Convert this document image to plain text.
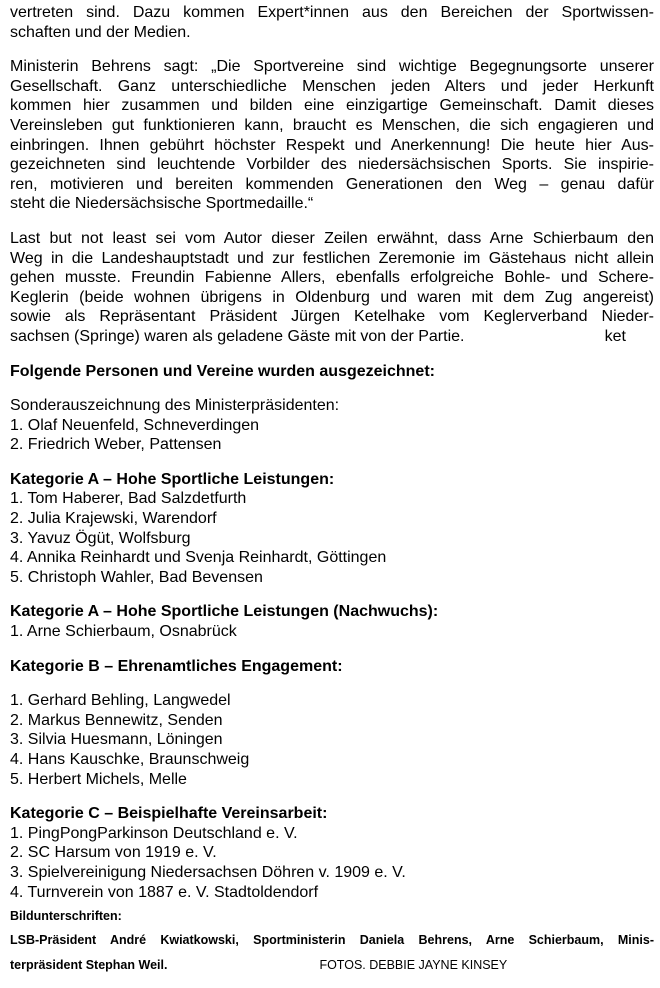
vertreten sind. Dazu kommen Expert*innen aus den Bereichen der Sportwissen-
schaften und der Medien.
Ministerin Behrens sagt: „Die Sportvereine sind wichtige Begegnungsorte unserer
Gesellschaft. Ganz unterschiedliche Menschen jeden Alters und jeder Herkunft
kommen hier zusammen und bilden eine einzigartige Gemeinschaft. Damit dieses
Vereinsleben gut funktionieren kann, braucht es Menschen, die sich engagieren und
einbringen. Ihnen gebührt höchster Respekt und Anerkennung! Die heute hier Aus-
gezeichneten sind leuchtende Vorbilder des niedersächsischen Sports. Sie inspirie-
ren, motivieren und bereiten kommenden Generationen den Weg – genau dafür
steht die Niedersächsische Sportmedaille.“
Last but not least sei vom Autor dieser Zeilen erwähnt, dass Arne Schierbaum den
Weg in die Landeshauptstadt und zur festlichen Zeremonie im Gästehaus nicht allein
gehen musste. Freundin Fabienne Allers, ebenfalls erfolgreiche Bohle- und Schere-
Keglerin (beide wohnen übrigens in Oldenburg und waren mit dem Zug angereist)
sowie als Repräsentant Präsident Jürgen Ketelhake vom Keglerverband Nieder-
sachsen (Springe) waren als geladene Gäste mit von der Partie.	ket

Folgende Personen und Vereine wurden ausgezeichnet:

Sonderauszeichnung des Ministerpräsidenten:

1. Olaf Neuenfeld, Schneverdingen

2. Friedrich Weber, Pattensen

Kategorie A – Hohe Sportliche Leistungen:

1. Tom Haberer, Bad Salzdetfurth

2. Julia Krajewski, Warendorf

3. Yavuz Ögüt, Wolfsburg

4. Annika Reinhardt und Svenja Reinhardt, Göttingen

5. Christoph Wahler, Bad Bevensen

Kategorie A – Hohe Sportliche Leistungen (Nachwuchs):

1. Arne Schierbaum, Osnabrück

Kategorie B – Ehrenamtliches Engagement:

1. Gerhard Behling, Langwedel

2. Markus Bennewitz, Senden

3. Silvia Huesmann, Löningen

4. Hans Kauschke, Braunschweig

5. Herbert Michels, Melle

Kategorie C – Beispielhafte Vereinsarbeit:

1. PingPongParkinson Deutschland e. V.

2. SC Harsum von 1919 e. V.

3. Spielvereinigung Niedersachsen Döhren v. 1909 e. V.

4. Turnverein von 1887 e. V. Stadtoldendorf

Bildunterschriften:

LSB-Präsident André Kwiatkowski, Sportministerin Daniela Behrens, Arne Schierbaum, Minis-

terpräsident Stephan Weil.	FOTOS. DEBBIE JAYNE KINSEY
